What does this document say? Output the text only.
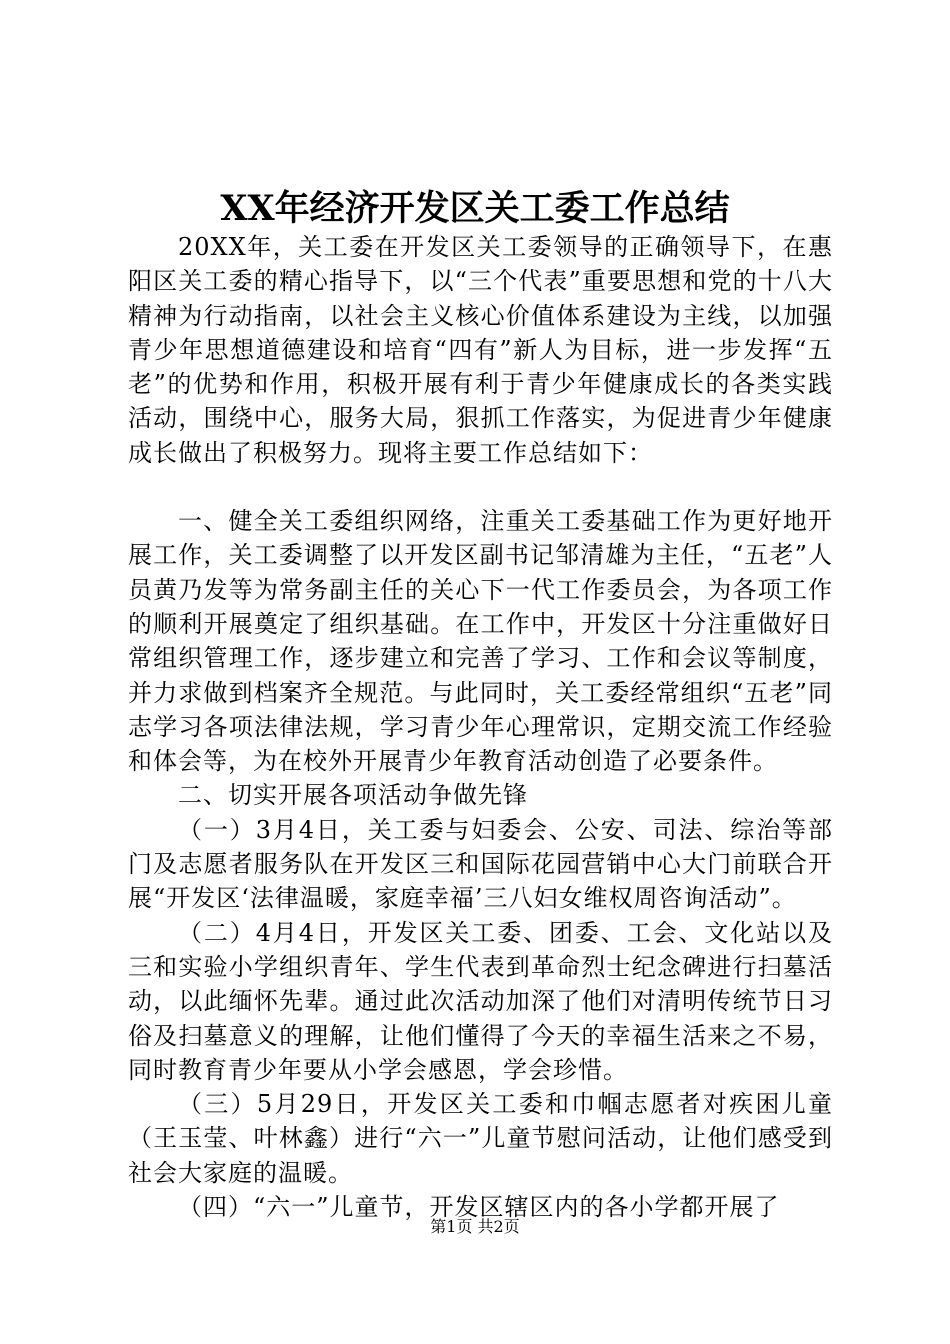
XX年经济开发区关工委工作总结

20XX年，关工委在开发区关工委领导的正确领导下，在惠阳区关工委的精心指导下，以“三个代表”重要思想和党的十八大精神为行动指南，以社会主义核心价值体系建设为主线，以加强青少年思想道德建设和培育“四有”新人为目标，进一步发挥“五老”的优势和作用，积极开展有利于青少年健康成长的各类实践活动，围绕中心，服务大局，狠抓工作落实，为促进青少年健康成长做出了积极努力。现将主要工作总结如下：

一、健全关工委组织网络，注重关工委基础工作为更好地开展工作，关工委调整了以开发区副书记邹清雄为主任，“五老”人员黄乃发等为常务副主任的关心下一代工作委员会，为各项工作的顺利开展奠定了组织基础。在工作中，开发区十分注重做好日常组织管理工作，逐步建立和完善了学习、工作和会议等制度，并力求做到档案齐全规范。与此同时，关工委经常组织“五老”同志学习各项法律法规，学习青少年心理常识，定期交流工作经验和体会等，为在校外开展青少年教育活动创造了必要条件。

二、切实开展各项活动争做先锋

（一）3月4日，关工委与妇委会、公安、司法、综治等部门及志愿者服务队在开发区三和国际花园营销中心大门前联合开展“开发区‘法律温暖，家庭幸福’三八妇女维权周咨询活动”。

（二）4月4日，开发区关工委、团委、工会、文化站以及三和实验小学组织青年、学生代表到革命烈士纪念碑进行扫墓活动，以此缅怀先辈。通过此次活动加深了他们对清明传统节日习俗及扫墓意义的理解，让他们懂得了今天的幸福生活来之不易，同时教育青少年要从小学会感恩，学会珍惜。

（三）5月29日，开发区关工委和巾帼志愿者对疾困儿童（王玉莹、叶林鑫）进行“六一”儿童节慰问活动，让他们感受到社会大家庭的温暖。

（四）“六一”儿童节，开发区辖区内的各小学都开展了

第1页 共2页
